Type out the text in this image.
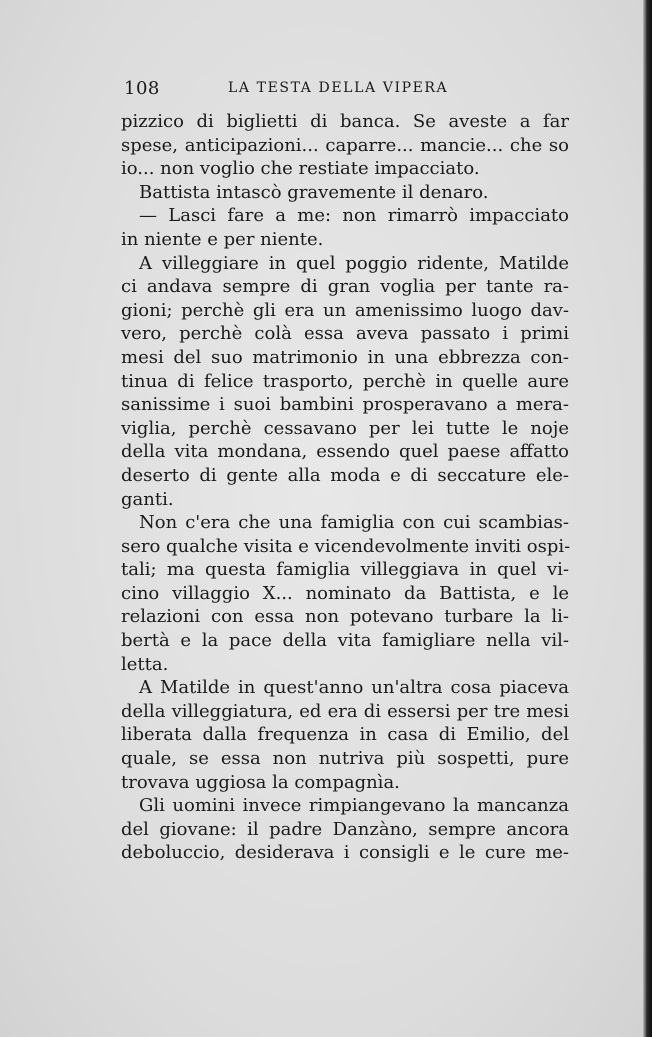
108	LA TESTA DELLA VIPERA
pizzico di biglietti di banca. Se aveste a far
spese, anticipazioni... caparre... mancie... che so
io... non voglio che restiate impacciato.
Battista intascò gravemente il denaro.
— Lasci fare a me: non rimarrò impacciato
in niente e per niente.
A villeggiare in quel poggio ridente, Matilde
ci andava sempre di gran voglia per tante ra-
gioni; perchè gli era un amenissimo luogo dav-
vero, perchè colà essa aveva passato i primi
mesi del suo matrimonio in una ebbrezza con-
tinua di felice trasporto, perchè in quelle aure
sanissime i suoi bambini prosperavano a mera-
viglia, perchè cessavano per lei tutte le noje
della vita mondana, essendo quel paese affatto
deserto di gente alla moda e di seccature ele-
ganti.
Non c'era che una famiglia con cui scambias-
sero qualche visita e vicendevolmente inviti ospi-
tali; ma questa famiglia villeggiava in quel vi-
cino villaggio X... nominato da Battista, e le
relazioni con essa non potevano turbare la li-
bertà e la pace della vita famigliare nella vil-
letta.
A Matilde in quest'anno un'altra cosa piaceva
della villeggiatura, ed era di essersi per tre mesi
liberata dalla frequenza in casa di Emilio, del
quale, se essa non nutriva più sospetti, pure
trovava uggiosa la compagnìa.
Gli uomini invece rimpiangevano la mancanza
del giovane: il padre Danzàno, sempre ancora
deboluccio, desiderava i consigli e le cure me-
